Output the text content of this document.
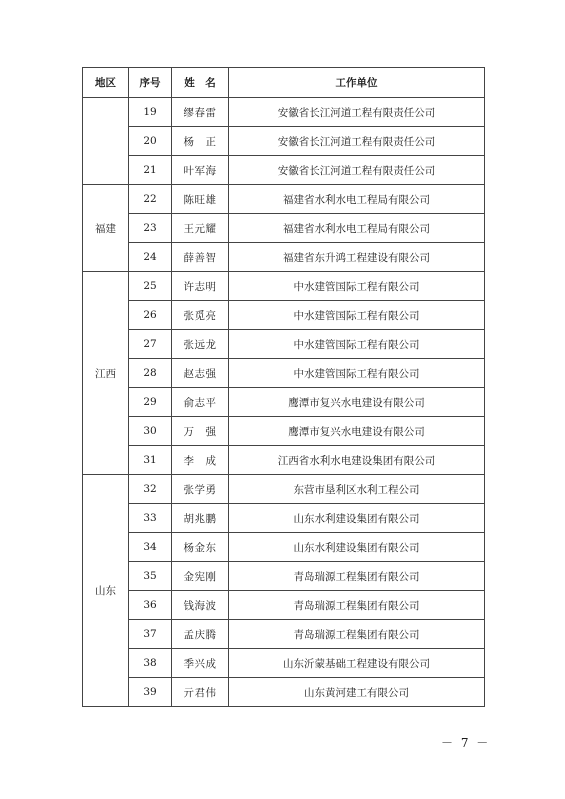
地区	序号	姓　名	工作单位
	19	缪春雷	安徽省长江河道工程有限责任公司
	20	杨　正	安徽省长江河道工程有限责任公司
	21	叶军海	安徽省长江河道工程有限责任公司
福建	22	陈旺雄	福建省水利水电工程局有限公司
	23	王元耀	福建省水利水电工程局有限公司
	24	薛善智	福建省东升鸿工程建设有限公司
江西	25	许志明	中水建管国际工程有限公司
	26	张觅亮	中水建管国际工程有限公司
	27	张远龙	中水建管国际工程有限公司
	28	赵志强	中水建管国际工程有限公司
	29	俞志平	鹰潭市复兴水电建设有限公司
	30	万　强	鹰潭市复兴水电建设有限公司
	31	李　成	江西省水利水电建设集团有限公司
山东	32	张学勇	东营市垦利区水利工程公司
	33	胡兆鹏	山东水利建设集团有限公司
	34	杨金东	山东水利建设集团有限公司
	35	金宪刚	青岛瑞源工程集团有限公司
	36	钱海波	青岛瑞源工程集团有限公司
	37	孟庆腾	青岛瑞源工程集团有限公司
	38	季兴成	山东沂蒙基础工程建设有限公司
	39	亓君伟	山东黄河建工有限公司
－ 7 －
